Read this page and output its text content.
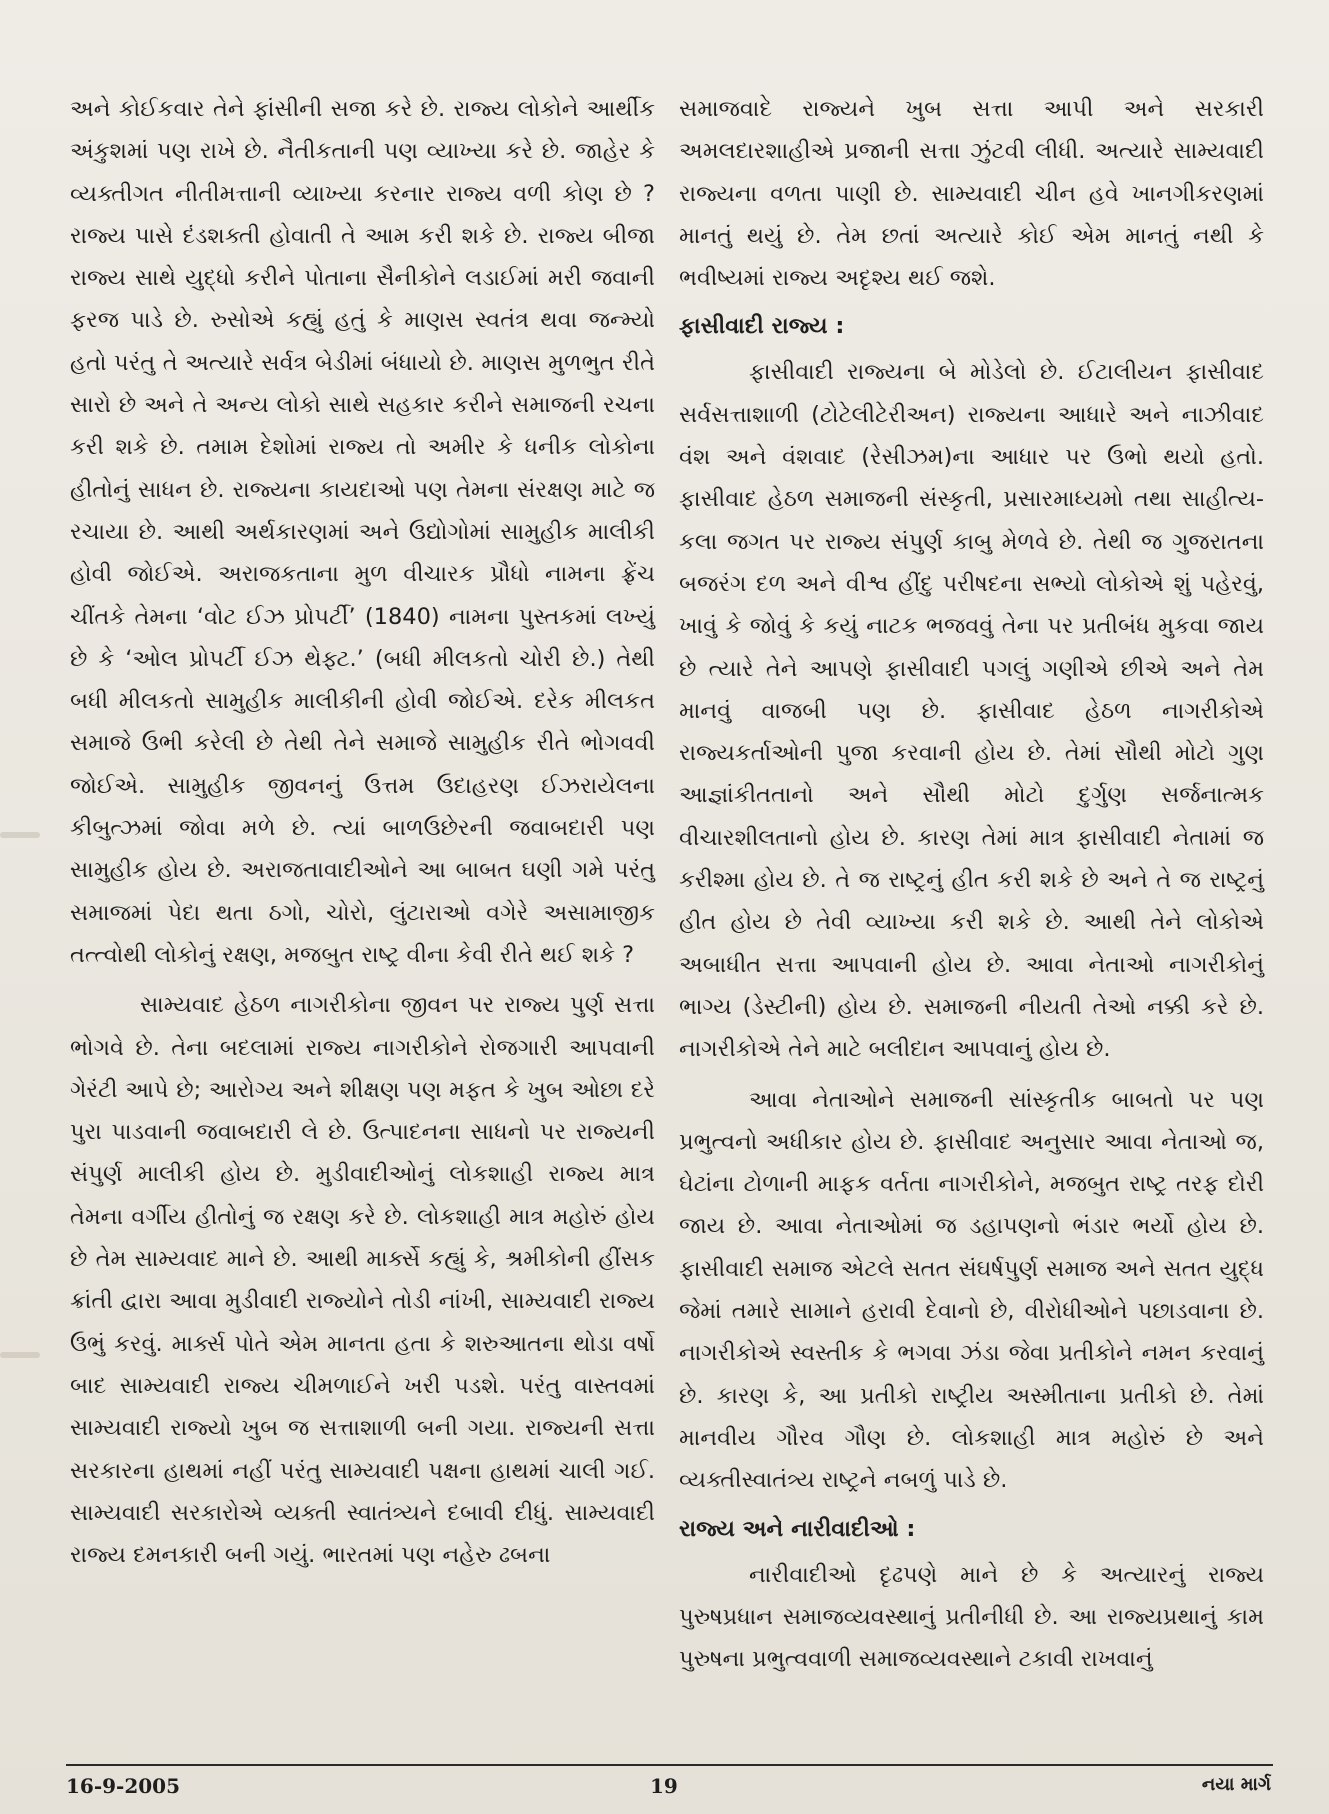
અને કોઈકવાર તેને ફાંસીની સજા કરે છે. રાજ્ય લોકોને આર્થીક અંકુશમાં પણ રાખે છે. નૈતીકતાની પણ વ્યાખ્યા કરે છે. જાહેર કે વ્યક્તીગત નીતીમત્તાની વ્યાખ્યા કરનાર રાજ્ય વળી કોણ છે ? રાજ્ય પાસે દંડશક્તી હોવાતી તે આમ કરી શકે છે. રાજ્ય બીજા રાજ્ય સાથે યુદ્ધો કરીને પોતાના સૈનીકોને લડાઈમાં મરી જવાની ફરજ પાડે છે. રુસોએ કહ્યું હતું કે માણસ સ્વતંત્ર થવા જન્મ્યો હતો પરંતુ તે અત્યારે સર્વત્ર બેડીમાં બંધાયો છે. માણસ મુળભુત રીતે સારો છે અને તે અન્ય લોકો સાથે સહકાર કરીને સમાજની રચના કરી શકે છે. તમામ દેશોમાં રાજ્ય તો અમીર કે ધનીક લોકોના હીતોનું સાધન છે. રાજ્યના કાયદાઓ પણ તેમના સંરક્ષણ માટે જ રચાયા છે. આથી અર્થકારણમાં અને ઉદ્યોગોમાં સામુહીક માલીકી હોવી જોઈએ. અરાજકતાના મુળ વીચારક પ્રૌધો નામના ફ્રેંચ ચીંતકે તેમના ‘વોટ ઈઝ પ્રોપર્ટી’ (1840) નામના પુસ્તકમાં લખ્યું છે કે ‘ઓલ પ્રોપર્ટી ઈઝ થેફ્ટ.’ (બધી મીલકતો ચોરી છે.) તેથી બધી મીલકતો સામુહીક માલીકીની હોવી જોઈએ. દરેક મીલકત સમાજે ઉભી કરેલી છે તેથી તેને સમાજે સામુહીક રીતે ભોગવવી જોઈએ. સામુહીક જીવનનું ઉત્તમ ઉદાહરણ ઈઝરાયેલના કીબુત્ઝમાં જોવા મળે છે. ત્યાં બાળઉછેરની જવાબદારી પણ સામુહીક હોય છે. અરાજતાવાદીઓને આ બાબત ઘણી ગમે પરંતુ સમાજમાં પેદા થતા ઠગો, ચોરો, લુંટારાઓ વગેરે અસામાજીક તત્ત્વોથી લોકોનું રક્ષણ, મજબુત રાષ્ટ્ર વીના કેવી રીતે થઈ શકે ?

સામ્યવાદ હેઠળ નાગરીકોના જીવન પર રાજ્ય પુર્ણ સત્તા ભોગવે છે. તેના બદલામાં રાજ્ય નાગરીકોને રોજગારી આપવાની ગેરંટી આપે છે; આરોગ્ય અને શીક્ષણ પણ મફત કે ખુબ ઓછા દરે પુરા પાડવાની જવાબદારી લે છે. ઉત્પાદનના સાધનો પર રાજ્યની સંપુર્ણ માલીકી હોય છે. મુડીવાદીઓનું લોકશાહી રાજ્ય માત્ર તેમના વર્ગીય હીતોનું જ રક્ષણ કરે છે. લોકશાહી માત્ર મહોરું હોય છે તેમ સામ્યવાદ માને છે. આથી માર્ક્સે કહ્યું કે, શ્રમીકોની હીંસક ક્રાંતી દ્વારા આવા મુડીવાદી રાજ્યોને તોડી નાંખી, સામ્યવાદી રાજ્ય ઉભું કરવું. માર્ક્સ પોતે એમ માનતા હતા કે શરુઆતના થોડા વર્ષો બાદ સામ્યવાદી રાજ્ય ચીમળાઈને ખરી પડશે. પરંતુ વાસ્તવમાં સામ્યવાદી રાજ્યો ખુબ જ સત્તાશાળી બની ગયા. રાજ્યની સત્તા સરકારના હાથમાં નહીં પરંતુ સામ્યવાદી પક્ષના હાથમાં ચાલી ગઈ. સામ્યવાદી સરકારોએ વ્યક્તી સ્વાતંત્ર્યને દબાવી દીધું. સામ્યવાદી રાજ્ય દમનકારી બની ગયું. ભારતમાં પણ નહેરુ ઢબના

સમાજવાદે રાજ્યને ખુબ સત્તા આપી અને સરકારી અમલદારશાહીએ પ્રજાની સત્તા ઝુંટવી લીધી. અત્યારે સામ્યવાદી રાજ્યના વળતા પાણી છે. સામ્યવાદી ચીન હવે ખાનગીકરણમાં માનતું થયું છે. તેમ છતાં અત્યારે કોઈ એમ માનતું નથી કે ભવીષ્યમાં રાજ્ય અદૃશ્ય થઈ જશે.

ફાસીવાદી રાજ્ય :

ફાસીવાદી રાજ્યના બે મોડેલો છે. ઈટાલીયન ફાસીવાદ સર્વસત્તાશાળી (ટોટેલીટેરીઅન) રાજ્યના આધારે અને નાઝીવાદ વંશ અને વંશવાદ (રેસીઝમ)ના આધાર પર ઉભો થયો હતો. ફાસીવાદ હેઠળ સમાજની સંસ્કૃતી, પ્રસારમાધ્યમો તથા સાહીત્ય-કલા જગત પર રાજ્ય સંપુર્ણ કાબુ મેળવે છે. તેથી જ ગુજરાતના બજરંગ દળ અને વીશ્વ હીંદુ પરીષદના સભ્યો લોકોએ શું પહેરવું, ખાવું કે જોવું કે કયું નાટક ભજવવું તેના પર પ્રતીબંધ મુકવા જાય છે ત્યારે તેને આપણે ફાસીવાદી પગલું ગણીએ છીએ અને તેમ માનવું વાજબી પણ છે. ફાસીવાદ હેઠળ નાગરીકોએ રાજ્યકર્તાઓની પુજા કરવાની હોય છે. તેમાં સૌથી મોટો ગુણ આજ્ઞાંકીતતાનો અને સૌથી મોટો દુર્ગુણ સર્જનાત્મક વીચારશીલતાનો હોય છે. કારણ તેમાં માત્ર ફાસીવાદી નેતામાં જ કરીશ્મા હોય છે. તે જ રાષ્ટ્રનું હીત કરી શકે છે અને તે જ રાષ્ટ્રનું હીત હોય છે તેવી વ્યાખ્યા કરી શકે છે. આથી તેને લોકોએ અબાધીત સત્તા આપવાની હોય છે. આવા નેતાઓ નાગરીકોનું ભાગ્ય (ડેસ્ટીની) હોય છે. સમાજની નીયતી તેઓ નક્કી કરે છે. નાગરીકોએ તેને માટે બલીદાન આપવાનું હોય છે.

આવા નેતાઓને સમાજની સાંસ્કૃતીક બાબતો પર પણ પ્રભુત્વનો અધીકાર હોય છે. ફાસીવાદ અનુસાર આવા નેતાઓ જ, ઘેટાંના ટોળાની માફક વર્તતા નાગરીકોને, મજબુત રાષ્ટ્ર તરફ દોરી જાય છે. આવા નેતાઓમાં જ ડહાપણનો ભંડાર ભર્યો હોય છે. ફાસીવાદી સમાજ એટલે સતત સંઘર્ષપુર્ણ સમાજ અને સતત યુદ્ધ જેમાં તમારે સામાને હરાવી દેવાનો છે, વીરોધીઓને પછાડવાના છે. નાગરીકોએ સ્વસ્તીક કે ભગવા ઝંડા જેવા પ્રતીકોને નમન કરવાનું છે. કારણ કે, આ પ્રતીકો રાષ્ટ્રીય અસ્મીતાના પ્રતીકો છે. તેમાં માનવીય ગૌરવ ગૌણ છે. લોકશાહી માત્ર મહોરું છે અને વ્યક્તીસ્વાતંત્ર્ય રાષ્ટ્રને નબળું પાડે છે.

રાજ્ય અને નારીવાદીઓ :

નારીવાદીઓ દૃઢપણે માને છે કે અત્યારનું રાજ્ય પુરુષપ્રધાન સમાજવ્યવસ્થાનું પ્રતીનીધી છે. આ રાજ્યપ્રથાનું કામ પુરુષના પ્રભુત્વવાળી સમાજવ્યવસ્થાને ટકાવી રાખવાનું

16-9-2005	19	નયા માર્ગ
